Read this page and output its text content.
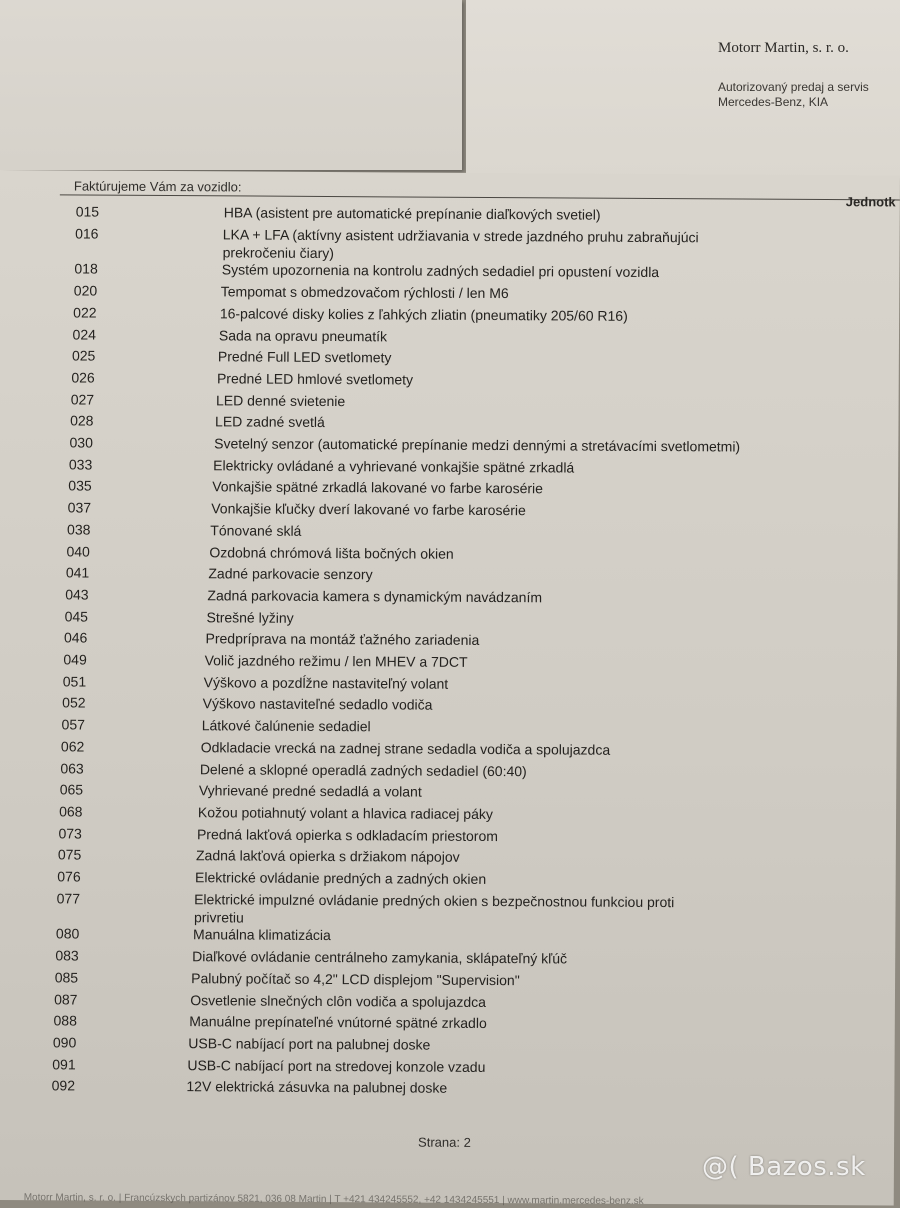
Motorr Martin, s. r. o.
Autorizovaný predaj a servis
Mercedes-Benz, KIA
Faktúrujeme Vám za vozidlo:
Jednotk
015	HBA (asistent pre automatické prepínanie diaľkových svetiel)
016	LKA + LFA (aktívny asistent udržiavania v strede jazdného pruhu zabraňujúci
prekročeniu čiary)
018	Systém upozornenia na kontrolu zadných sedadiel pri opustení vozidla
020	Tempomat s obmedzovačom rýchlosti / len M6
022	16-palcové disky kolies z ľahkých zliatin (pneumatiky 205/60 R16)
024	Sada na opravu pneumatík
025	Predné Full LED svetlomety
026	Predné LED hmlové svetlomety
027	LED denné svietenie
028	LED zadné svetlá
030	Svetelný senzor (automatické prepínanie medzi dennými a stretávacími svetlometmi)
033	Elektricky ovládané a vyhrievané vonkajšie spätné zrkadlá
035	Vonkajšie spätné zrkadlá lakované vo farbe karosérie
037	Vonkajšie kľučky dverí lakované vo farbe karosérie
038	Tónované sklá
040	Ozdobná chrómová lišta bočných okien
041	Zadné parkovacie senzory
043	Zadná parkovacia kamera s dynamickým navádzaním
045	Strešné lyžiny
046	Predpríprava na montáž ťažného zariadenia
049	Volič jazdného režimu / len MHEV a 7DCT
051	Výškovo a pozdĺžne nastaviteľný volant
052	Výškovo nastaviteľné sedadlo vodiča
057	Látkové čalúnenie sedadiel
062	Odkladacie vrecká na zadnej strane sedadla vodiča a spolujazdca
063	Delené a sklopné operadlá zadných sedadiel (60:40)
065	Vyhrievané predné sedadlá a volant
068	Kožou potiahnutý volant a hlavica radiacej páky
073	Predná lakťová opierka s odkladacím priestorom
075	Zadná lakťová opierka s držiakom nápojov
076	Elektrické ovládanie predných a zadných okien
077	Elektrické impulzné ovládanie predných okien s bezpečnostnou funkciou proti
privretiu
080	Manuálna klimatizácia
083	Diaľkové ovládanie centrálneho zamykania, sklápateľný kľúč
085	Palubný počítač so 4,2" LCD displejom "Supervision"
087	Osvetlenie slnečných clôn vodiča a spolujazdca
088	Manuálne prepínateľné vnútorné spätné zrkadlo
090	USB-C nabíjací port na palubnej doske
091	USB-C nabíjací port na stredovej konzole vzadu
092	12V elektrická zásuvka na palubnej doske
Strana: 2
Motorr Martin, s. r. o. | Francúzskych partizánov 5821, 036 08 Martin | T +421 434245552, +42 1434245551 | www.martin.mercedes-benz.sk
@( Bazos.sk
